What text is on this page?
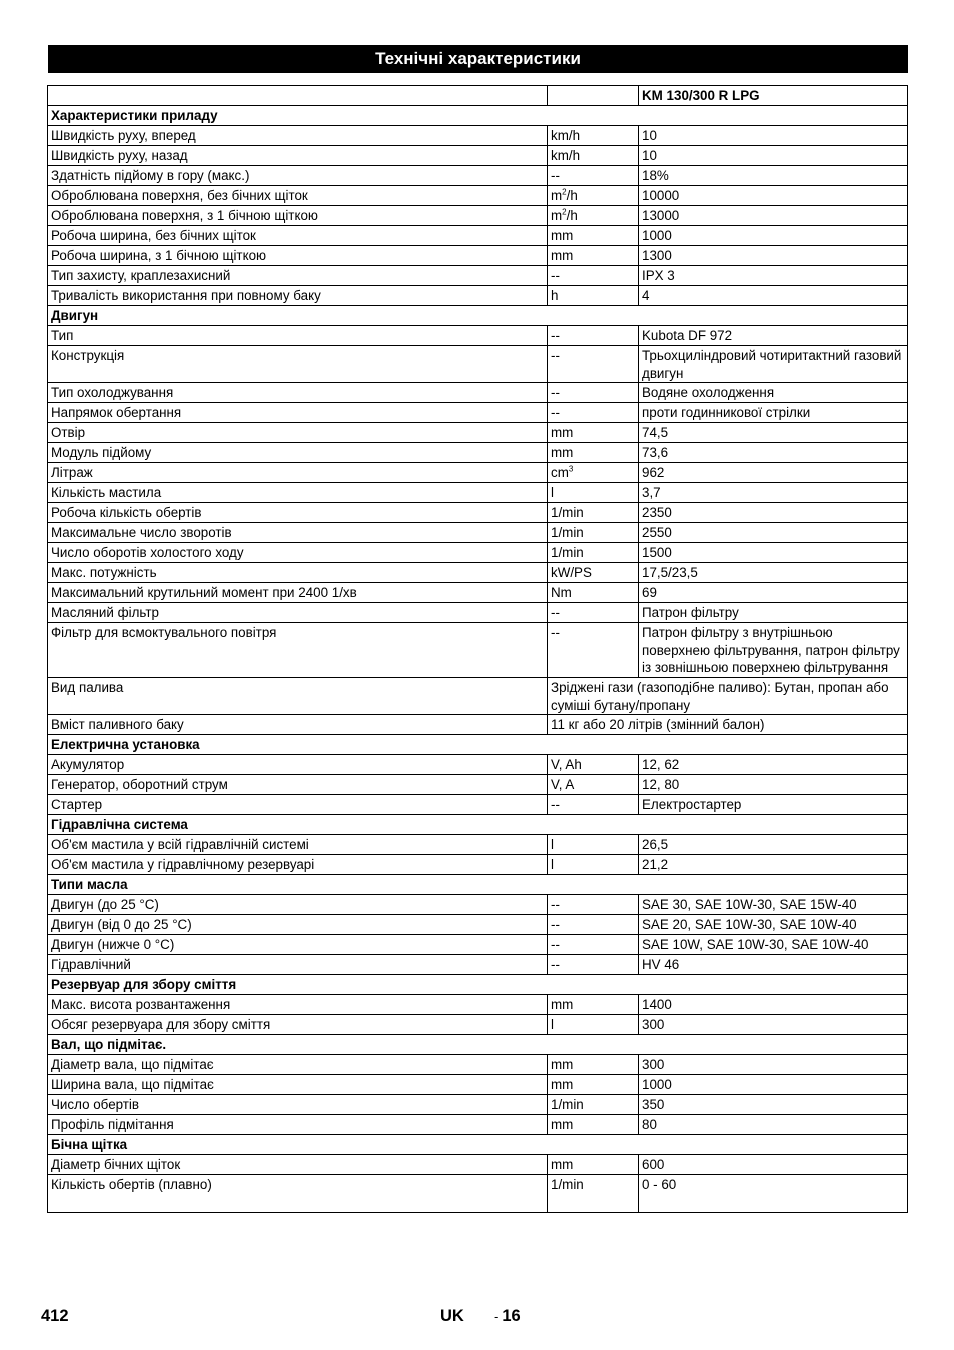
Технічні характеристики
		KM 130/300 R LPG
Характеристики приладу		
Швидкість руху, вперед	km/h	10
Швидкість руху, назад	km/h	10
Здатність підйому в гору (макс.)	--	18%
Оброблювана поверхня, без бічних щіток	$m^2/h$	10000
Оброблювана поверхня, з 1 бічною щіткою	$m^2/h$	13000
Робоча ширина, без бічних щіток	mm	1000
Робоча ширина, з 1 бічною щіткою	mm	1300
Тип захисту, краплезахисний	--	IPX 3
Тривалість використання при повному баку	h	4
Двигун		
Тип	--	Kubota DF 972
Конструкція	--	Трьохциліндровий чотиритактний газовий двигун
Тип охолоджування	--	Водяне охолодження
Напрямок обертання	--	проти годинникової стрілки
Отвір	mm	74,5
Модуль підйому	mm	73,6
Літраж	$cm^3$	962
Кількість мастила	l	3,7
Робоча кількість обертів	1/min	2350
Максимальне число зворотів	1/min	2550
Число оборотів холостого ходу	1/min	1500
Макс. потужність	kW/PS	17,5/23,5
Максимальний крутильний момент при 2400 1/хв	Nm	69
Масляний фільтр	--	Патрон фільтру
Фільтр для всмоктувального повітря	--	Патрон фільтру з внутрішньою поверхнею фільтрування, патрон фільтру із зовнішньою поверхнею фільтрування
Вид палива	Зріджені гази (газоподібне паливо): Бутан, пропан або суміші бутану/пропану	
Вміст паливного баку	11 кг або 20 літрів (змінний балон)	
Електрична установка		
Акумулятор	V, Ah	12, 62
Генератор, оборотний струм	V, A	12, 80
Стартер	--	Електростартер
Гідравлічна система		
Об'єм мастила у всій гідравлічній системі	l	26,5
Об'єм мастила у гідравлічному резервуарі	l	21,2
Типи масла		
Двигун (до 25 °C)	--	SAE 30, SAE 10W-30, SAE 15W-40
Двигун (від 0 до 25 °C)	--	SAE 20, SAE 10W-30, SAE 10W-40
Двигун (нижче 0 °C)	--	SAE 10W, SAE 10W-30, SAE 10W-40
Гідравлічний	--	HV 46
Резервуар для збору сміття		
Макс. висота розвантаження	mm	1400
Обсяг резервуара для збору сміття	l	300
Вал, що підмітає.		
Діаметр вала, що підмітає	mm	300
Ширина вала, що підмітає	mm	1000
Число обертів	1/min	350
Профіль підмітання	mm	80
Бічна щітка		
Діаметр бічних щіток	mm	600
Кількість обертів (плавно)	1/min	0 - 60
412	UK - 16
